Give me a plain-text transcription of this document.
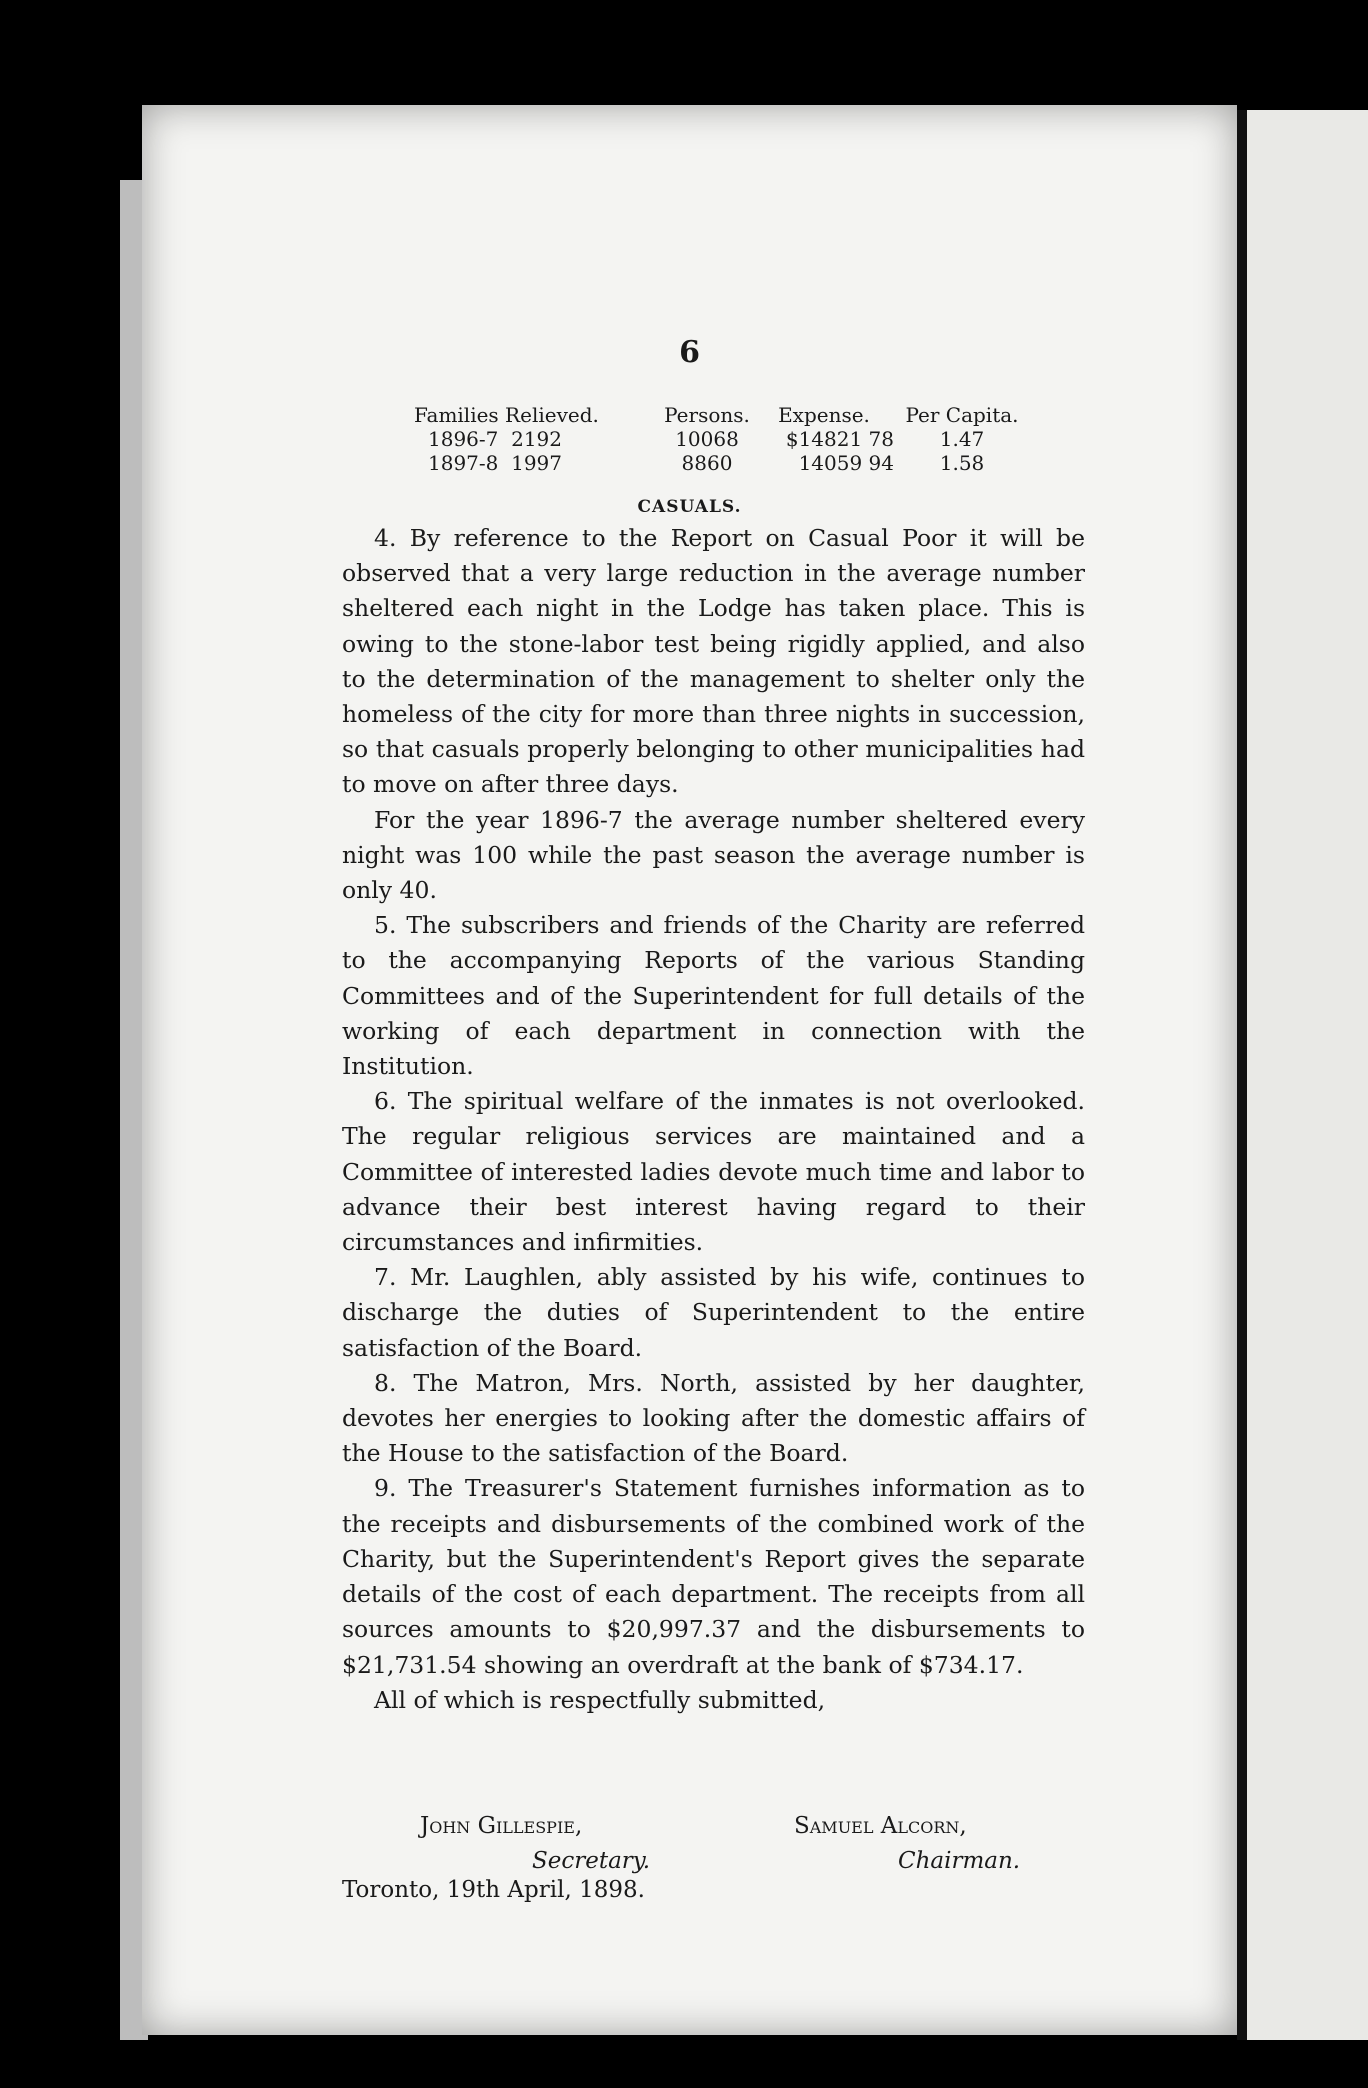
6
Families Relieved.
1896-7 2192
1897-8 1997
Persons.
10068
8860
Expense.
$14821 78
14059 94
Per Capita.
1.47
1.58
CASUALS.

4. By reference to the Report on Casual Poor it will be observed that a very large reduction in the average number sheltered each night in the Lodge has taken place. This is owing to the stone-labor test being rigidly applied, and also to the determination of the management to shelter only the homeless of the city for more than three nights in succession, so that casuals properly belonging to other municipalities had to move on after three days.

For the year 1896-7 the average number sheltered every night was 100 while the past season the average number is only 40.

5. The subscribers and friends of the Charity are referred to the accompanying Reports of the various Standing Committees and of the Superintendent for full details of the working of each department in connection with the Institution.

6. The spiritual welfare of the inmates is not overlooked. The regular religious services are maintained and a Committee of interested ladies devote much time and labor to advance their best interest having regard to their circumstances and infirmities.

7. Mr. Laughlen, ably assisted by his wife, continues to discharge the duties of Superintendent to the entire satisfaction of the Board.

8. The Matron, Mrs. North, assisted by her daughter, devotes her energies to looking after the domestic affairs of the House to the satisfaction of the Board.

9. The Treasurer's Statement furnishes information as to the receipts and disbursements of the combined work of the Charity, but the Superintendent's Report gives the separate details of the cost of each department. The receipts from all sources amounts to $20,997.37 and the disbursements to $21,731.54 showing an overdraft at the bank of $734.17.

All of which is respectfully submitted,

John Gillespie,
Secretary.
Samuel Alcorn,
Chairman.
Toronto, 19th April, 1898.
